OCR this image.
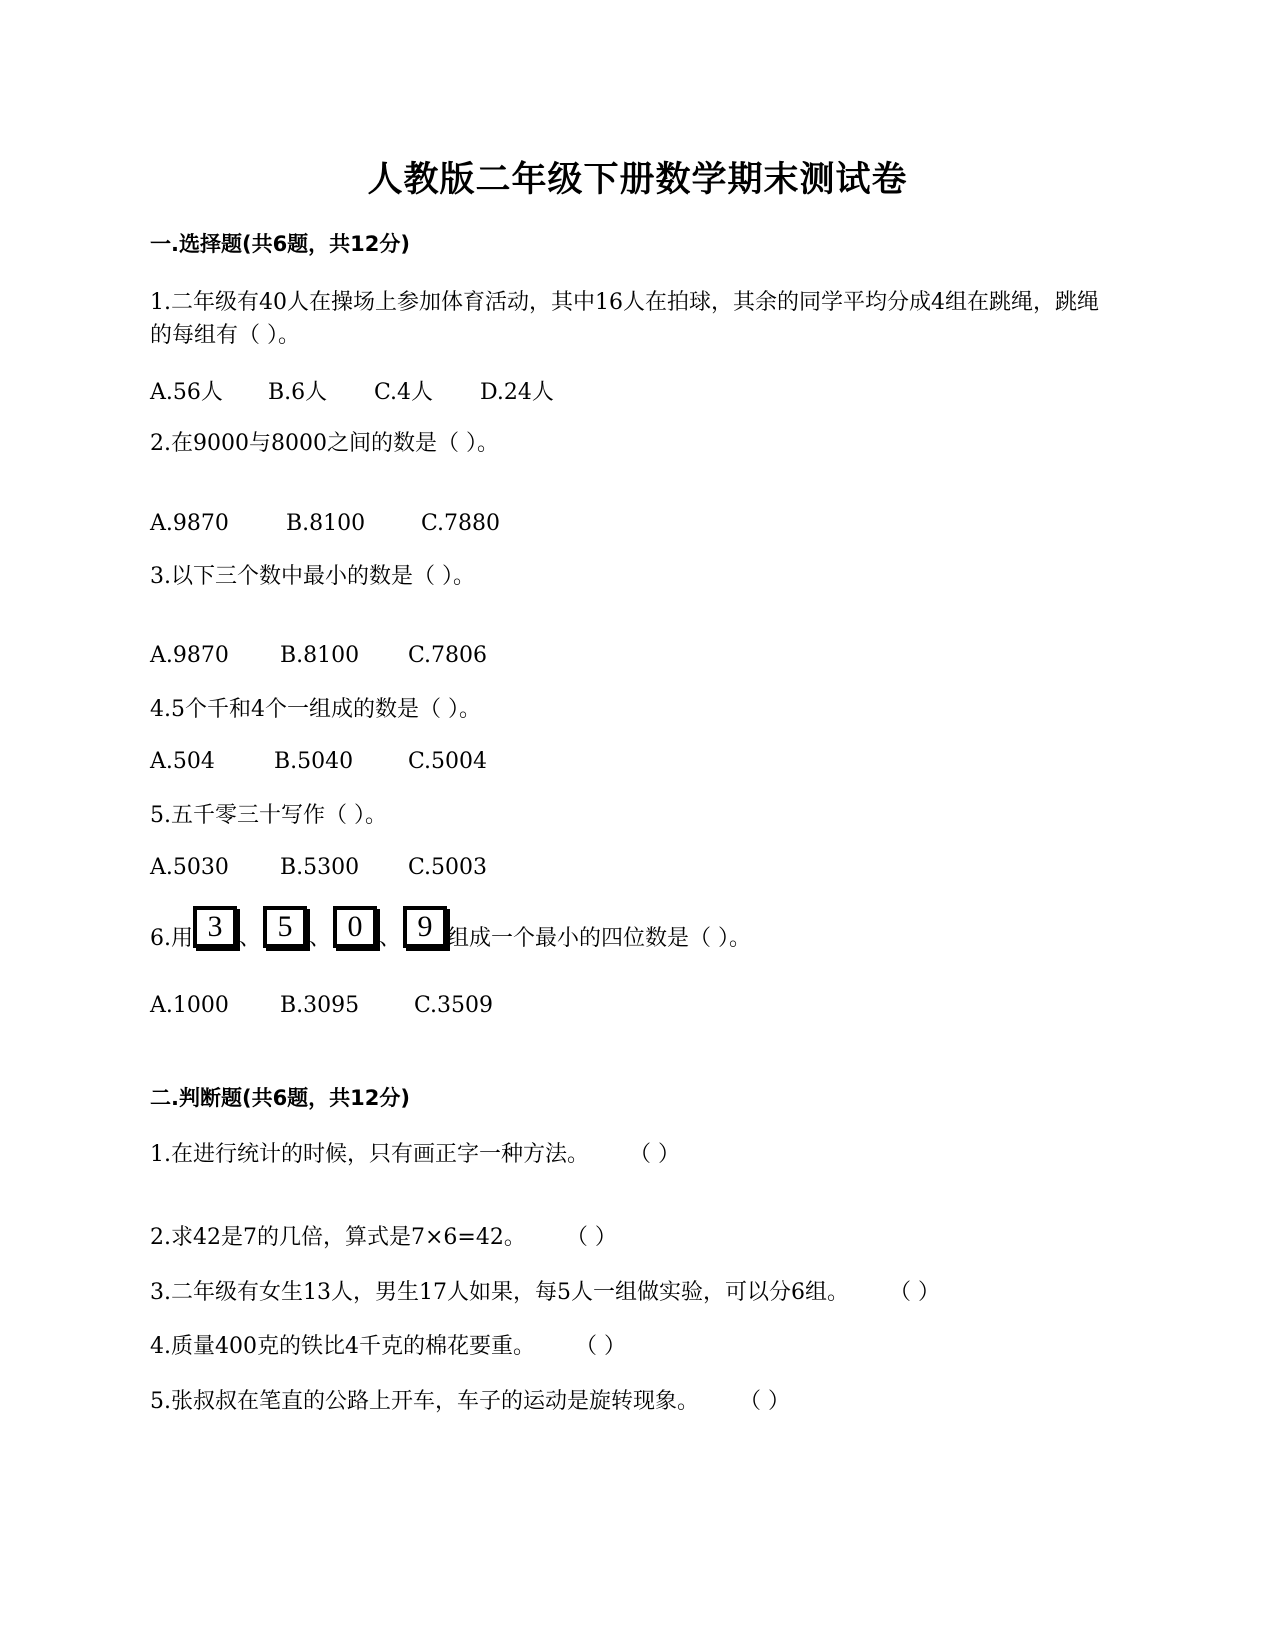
人教版二年级下册数学期末测试卷
一.选择题(共6题，共12分)
1.二年级有40人在操场上参加体育活动，其中16人在拍球，其余的同学平均分成4组在跳绳，跳绳的每组有（ ）。
A.56人 B.6人 C.4人 D.24人
2.在9000与8000之间的数是（ ）。
A.9870	B.8100	C.7880
3.以下三个数中最小的数是（ ）。
A.9870 B.8100 C.7806
4.5个千和4个一组成的数是（ ）。
A.504	B.5040 C.5004
5.五千零三十写作（ ）。
A.5030 B.5300 C.5003
6.用 3 、 5 、 0 、 9 组成一个最小的四位数是（ ）。
A.1000 B.3095 C.3509
二.判断题(共6题，共12分)
1.在进行统计的时候，只有画正字一种方法。 （ ）
2.求42是7的几倍，算式是7×6=42。 （ ）
3.二年级有女生13人，男生17人如果，每5人一组做实验，可以分6组。 （ ）
4.质量400克的铁比4千克的棉花要重。 （ ）
5.张叔叔在笔直的公路上开车，车子的运动是旋转现象。 （ ）
